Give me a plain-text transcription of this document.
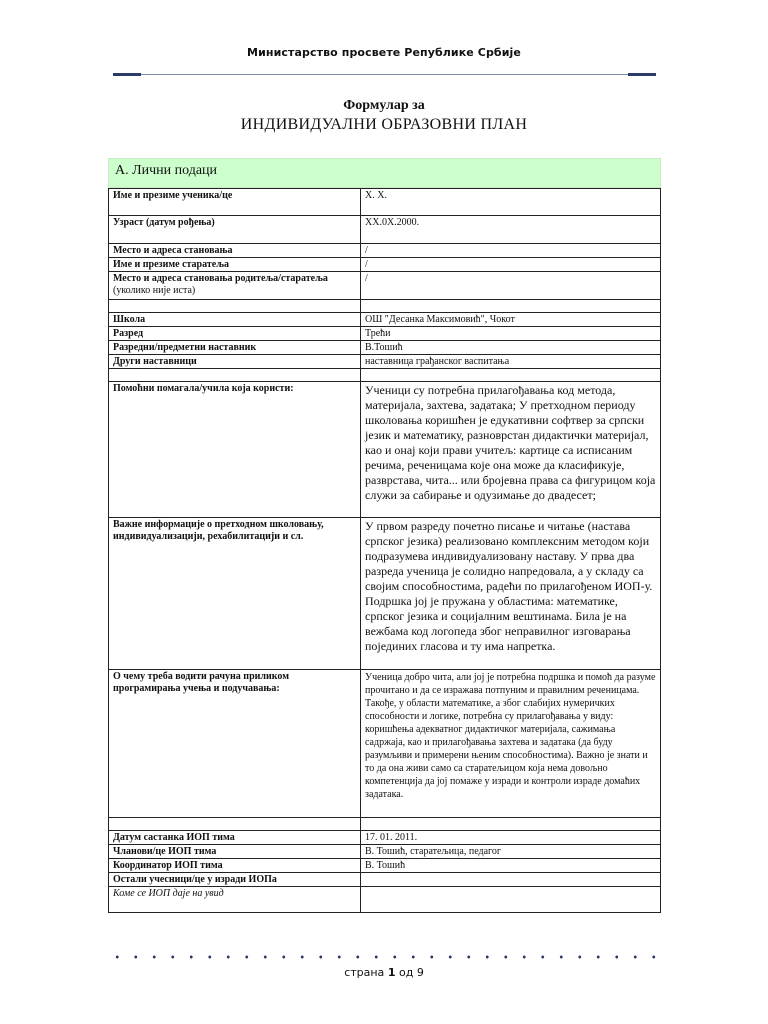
Министарство просвете Републике Србије
Формулар за
ИНДИВИДУАЛНИ ОБРАЗОВНИ ПЛАН
А. Лични подаци
Име и презиме ученика/це	Х. Х.
Узраст (датум рођења)	ХХ.0Х.2000.
Место и адреса становања	/
Име и презиме старатеља	/
Место и адреса становања родитеља/старатеља (уколико није иста)	/

Школа	ОШ "Десанка Максимовић", Чокот
Разред	Трећи
Разредни/предметни наставник	В.Тошић
Други наставници	наставница грађанског васпитања

Помоћни помагала/учила која користи:	Ученици су потребна прилагођавања код метода, материјала, захтева, задатака; У претходном периоду школовања коришћен је едукативни софтвер за српски језик и математику, разноврстан дидактички материјал, као и онај који прави учитељ: картице са исписаним речима, реченицама које она може да класификује, разврстава, чита... или бројевна права са фигурицом која служи за сабирање и одузимање до двадесет;
Важне информације о претходном школовању, индивидуализацији, рехабилитацији и сл.	У првом разреду почетно писање и читање (настава српског језика) реализовано комплексним методом који подразумева индивидуализовану наставу. У прва два разреда ученица је солидно напредовала, а у складу са својим способностима, радећи по прилагођеном ИОП-у. Подршка јој је пружана у областима: математике, српског језика и социјалним вештинама. Била је на вежбама код логопеда због неправилног изговарања појединих гласова и ту има напретка.
О чему треба водити рачуна приликом програмирања учења и подучавања:	Ученица добро чита, али јој је потребна подршка и помоћ да разуме прочитано и да се изражава потпуним и правилним реченицама. Такође, у области математике, а због слабијих нумеричких способности и логике, потребна су прилагођавања у виду: коришћења адекватног дидактичког материјала, сажимања садржаја, као и прилагођавања захтева и задатака (да буду разумљиви и примерени њеним способностима). Важно је знати и то да она живи само са старатељицом која нема довољно компетенција да јој помаже у изради и контроли израде домаћих задатака.

Датум састанка ИОП тима	17. 01. 2011.
Чланови/це ИОП тима	В. Тошић, старатељица, педагог
Координатор ИОП тима	В. Тошић
Остали учесници/це у изради ИОПа	
Коме се ИОП даје на увид	
страна 1 од 9
